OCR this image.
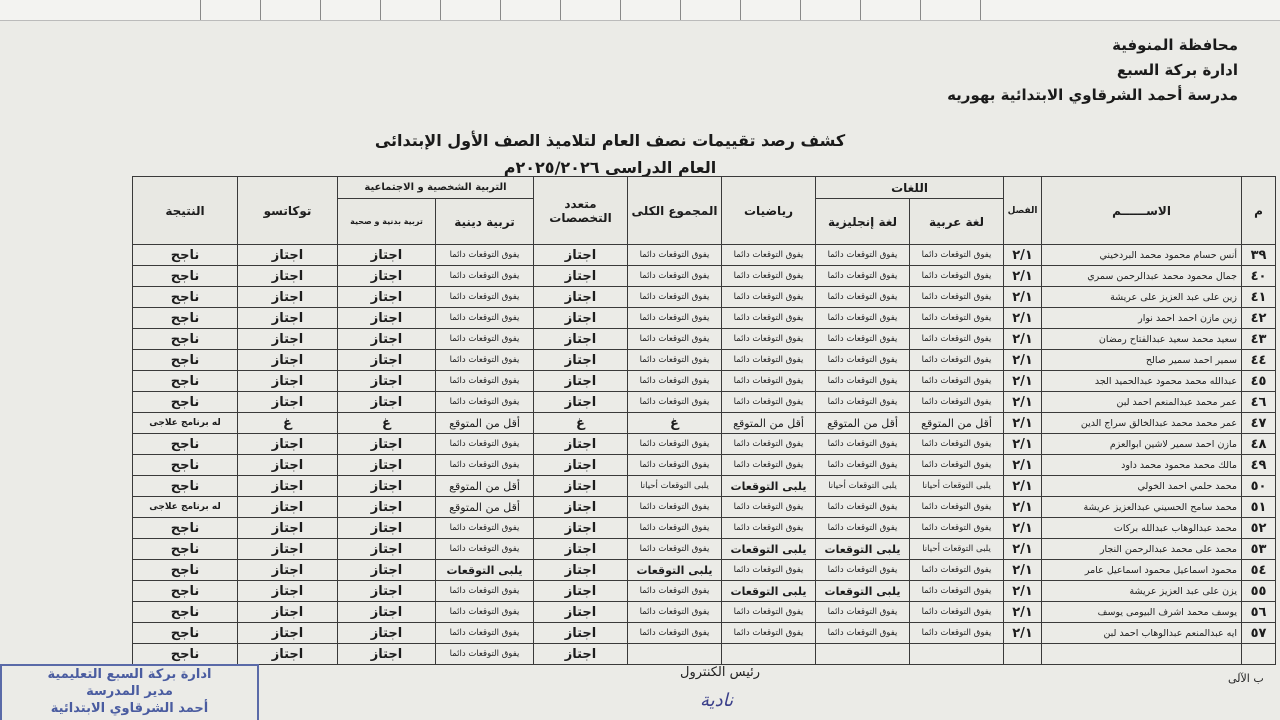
محافظة المنوفية
ادارة بركة السبع
مدرسة أحمد الشرقاوي الابتدائية بهوريه
كشف رصد تقييمات نصف العام لتلاميذ الصف الأول الإبتدائى
العام الدراسى ٢٠٢٥/٢٠٢٦م
م	الاســــــم	الفصل	اللغات		رياضيات	المجموع الكلى	متعدد التخصصات	التربية الشخصية و الاجتماعية		توكاتسو	النتيجة
			لغة عربية	لغة إنجليزية				تربية دينية	تربية بدنية و صحية		

٣٩	أنس حسام محمود محمد البردخيني	٢/١	يفوق التوقعات دائما	يفوق التوقعات دائما	يفوق التوقعات دائما	يفوق التوقعات دائما	اجتاز	يفوق التوقعات دائما	اجتاز	اجتاز	ناجح
٤٠	جمال محمود محمد عبدالرحمن سمري	٢/١	يفوق التوقعات دائما	يفوق التوقعات دائما	يفوق التوقعات دائما	يفوق التوقعات دائما	اجتاز	يفوق التوقعات دائما	اجتاز	اجتاز	ناجح
٤١	زين على عبد العزيز على عريشة	٢/١	يفوق التوقعات دائما	يفوق التوقعات دائما	يفوق التوقعات دائما	يفوق التوقعات دائما	اجتاز	يفوق التوقعات دائما	اجتاز	اجتاز	ناجح
٤٢	زين مازن احمد احمد نوار	٢/١	يفوق التوقعات دائما	يفوق التوقعات دائما	يفوق التوقعات دائما	يفوق التوقعات دائما	اجتاز	يفوق التوقعات دائما	اجتاز	اجتاز	ناجح
٤٣	سعيد محمد سعيد عبدالفتاح رمضان	٢/١	يفوق التوقعات دائما	يفوق التوقعات دائما	يفوق التوقعات دائما	يفوق التوقعات دائما	اجتاز	يفوق التوقعات دائما	اجتاز	اجتاز	ناجح
٤٤	سمير احمد سمير صالح	٢/١	يفوق التوقعات دائما	يفوق التوقعات دائما	يفوق التوقعات دائما	يفوق التوقعات دائما	اجتاز	يفوق التوقعات دائما	اجتاز	اجتاز	ناجح
٤٥	عبدالله محمد محمود عبدالحميد الجد	٢/١	يفوق التوقعات دائما	يفوق التوقعات دائما	يفوق التوقعات دائما	يفوق التوقعات دائما	اجتاز	يفوق التوقعات دائما	اجتاز	اجتاز	ناجح
٤٦	عمر محمد عبدالمنعم احمد لبن	٢/١	يفوق التوقعات دائما	يفوق التوقعات دائما	يفوق التوقعات دائما	يفوق التوقعات دائما	اجتاز	يفوق التوقعات دائما	اجتاز	اجتاز	ناجح
٤٧	عمر محمد محمد عبدالخالق سراج الدين	٢/١	أقل من المتوقع	أقل من المتوقع	أقل من المتوقع	غ	غ	أقل من المتوقع	غ	غ	له برنامج علاجى
٤٨	مازن احمد سمير لاشين ابوالعزم	٢/١	يفوق التوقعات دائما	يفوق التوقعات دائما	يفوق التوقعات دائما	يفوق التوقعات دائما	اجتاز	يفوق التوقعات دائما	اجتاز	اجتاز	ناجح
٤٩	مالك محمد محمود محمد داود	٢/١	يفوق التوقعات دائما	يفوق التوقعات دائما	يفوق التوقعات دائما	يفوق التوقعات دائما	اجتاز	يفوق التوقعات دائما	اجتاز	اجتاز	ناجح
٥٠	محمد حلمي احمد الخولي	٢/١	يلبى التوقعات أحيانا	يلبى التوقعات أحيانا	يلبى التوقعات	يلبى التوقعات أحيانا	اجتاز	أقل من المتوقع	اجتاز	اجتاز	ناجح
٥١	محمد سامح الحسيني عبدالعزيز عريشة	٢/١	يفوق التوقعات دائما	يفوق التوقعات دائما	يفوق التوقعات دائما	يفوق التوقعات دائما	اجتاز	أقل من المتوقع	اجتاز	اجتاز	له برنامج علاجى
٥٢	محمد عبدالوهاب عبدالله بركات	٢/١	يفوق التوقعات دائما	يفوق التوقعات دائما	يفوق التوقعات دائما	يفوق التوقعات دائما	اجتاز	يفوق التوقعات دائما	اجتاز	اجتاز	ناجح
٥٣	محمد على محمد عبدالرحمن النجار	٢/١	يلبى التوقعات أحيانا	يلبى التوقعات	يلبى التوقعات	يفوق التوقعات دائما	اجتاز	يفوق التوقعات دائما	اجتاز	اجتاز	ناجح
٥٤	محمود اسماعيل محمود اسماعيل عامر	٢/١	يفوق التوقعات دائما	يفوق التوقعات دائما	يفوق التوقعات دائما	يلبى التوقعات	اجتاز	يلبى التوقعات	اجتاز	اجتاز	ناجح
٥٥	يزن على عبد العزيز عريشة	٢/١	يفوق التوقعات دائما	يلبى التوقعات	يلبى التوقعات	يفوق التوقعات دائما	اجتاز	يفوق التوقعات دائما	اجتاز	اجتاز	ناجح
٥٦	يوسف محمد اشرف البيومى يوسف	٢/١	يفوق التوقعات دائما	يفوق التوقعات دائما	يفوق التوقعات دائما	يفوق التوقعات دائما	اجتاز	يفوق التوقعات دائما	اجتاز	اجتاز	ناجح
٥٧	ايه عبدالمنعم عبدالوهاب احمد لبن	٢/١	يفوق التوقعات دائما	يفوق التوقعات دائما	يفوق التوقعات دائما	يفوق التوقعات دائما	اجتاز	يفوق التوقعات دائما	اجتاز	اجتاز	ناجح
							اجتاز	يفوق التوقعات دائما	اجتاز	اجتاز	ناجح
رئيس الكنترول
نادية
ب الآلى
ادارة بركة السبع التعليمية
مدير المدرسة
أحمد الشرقاوي الابتدائية
